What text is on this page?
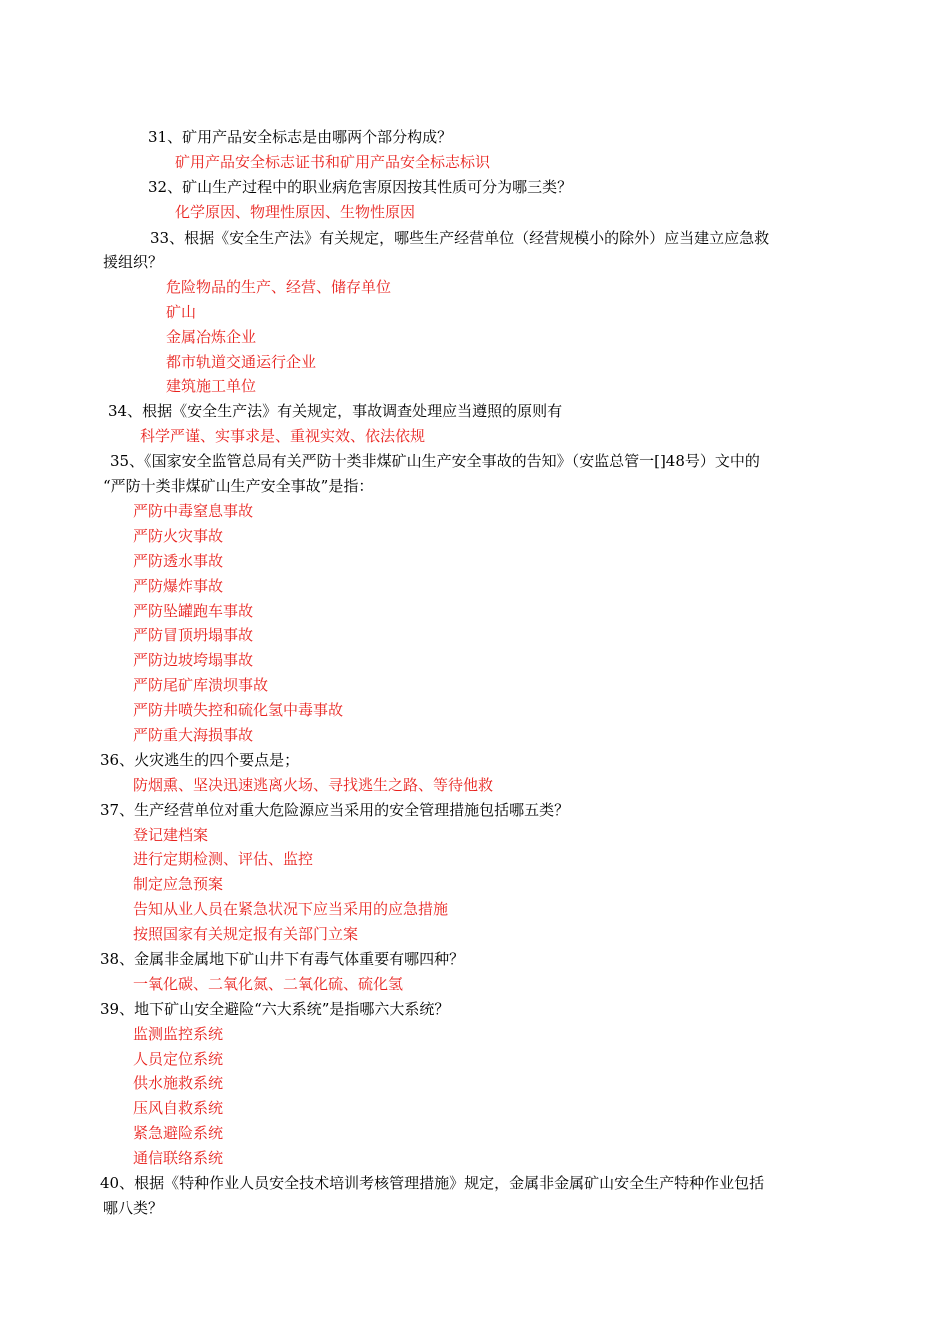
31、矿用产品安全标志是由哪两个部分构成？
矿用产品安全标志证书和矿用产品安全标志标识
32、矿山生产过程中的职业病危害原因按其性质可分为哪三类？
化学原因、物理性原因、生物性原因
33、根据《安全生产法》有关规定，哪些生产经营单位（经营规模小的除外）应当建立应急救
援组织？
危险物品的生产、经营、储存单位
矿山
金属冶炼企业
都市轨道交通运行企业
建筑施工单位
34、根据《安全生产法》有关规定，事故调查处理应当遵照的原则有
科学严谨、实事求是、重视实效、依法依规
35、《国家安全监管总局有关严防十类非煤矿山生产安全事故的告知》（安监总管一[]48号）文中的
“严防十类非煤矿山生产安全事故”是指：
严防中毒窒息事故
严防火灾事故
严防透水事故
严防爆炸事故
严防坠罐跑车事故
严防冒顶坍塌事故
严防边坡垮塌事故
严防尾矿库溃坝事故
严防井喷失控和硫化氢中毒事故
严防重大海损事故
36、火灾逃生的四个要点是；
防烟熏、坚决迅速逃离火场、寻找逃生之路、等待他救
37、生产经营单位对重大危险源应当采用的安全管理措施包括哪五类？
登记建档案
进行定期检测、评估、监控
制定应急预案
告知从业人员在紧急状况下应当采用的应急措施
按照国家有关规定报有关部门立案
38、金属非金属地下矿山井下有毒气体重要有哪四种？
一氧化碳、二氧化氮、二氧化硫、硫化氢
39、地下矿山安全避险“六大系统”是指哪六大系统？
监测监控系统
人员定位系统
供水施救系统
压风自救系统
紧急避险系统
通信联络系统
40、根据《特种作业人员安全技术培训考核管理措施》规定，金属非金属矿山安全生产特种作业包括
哪八类？
